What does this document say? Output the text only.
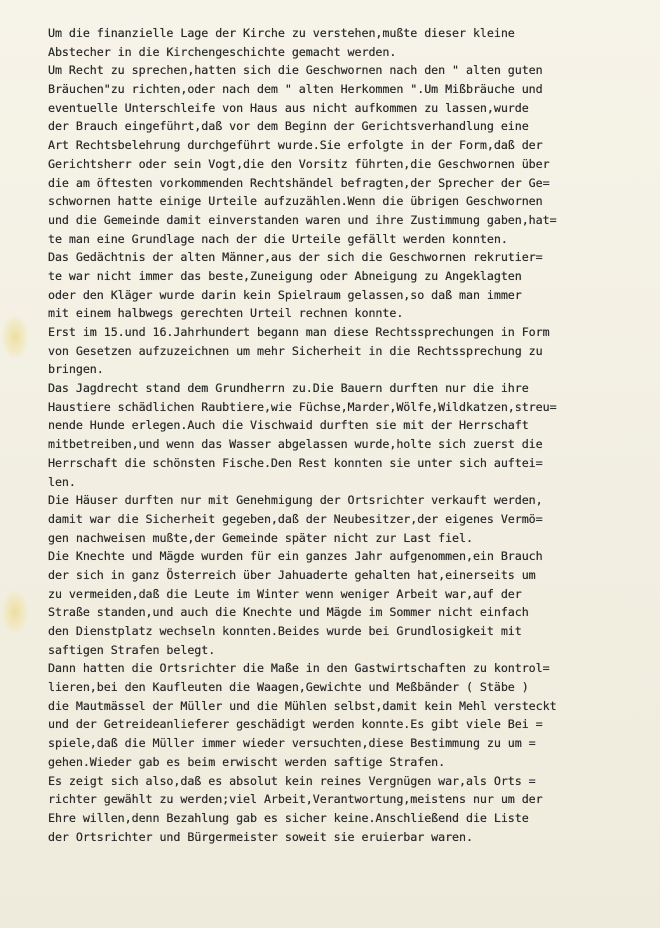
Um die finanzielle Lage der Kirche zu verstehen,mußte dieser kleine
Abstecher in die Kirchengeschichte gemacht werden.
Um Recht zu sprechen,hatten sich die Geschwornen nach den " alten guten
Bräuchen"zu richten,oder nach dem " alten Herkommen ".Um Mißbräuche und
eventuelle Unterschleife von Haus aus nicht aufkommen zu lassen,wurde
der Brauch eingeführt,daß vor dem Beginn der Gerichtsverhandlung eine
Art Rechtsbelehrung durchgeführt wurde.Sie erfolgte in der Form,daß der
Gerichtsherr oder sein Vogt,die den Vorsitz führten,die Geschwornen über
die am öftesten vorkommenden Rechtshändel befragten,der Sprecher der Ge=
schwornen hatte einige Urteile aufzuzählen.Wenn die übrigen Geschwornen
und die Gemeinde damit einverstanden waren und ihre Zustimmung gaben,hat=
te man eine Grundlage nach der die Urteile gefällt werden konnten.
Das Gedächtnis der alten Männer,aus der sich die Geschwornen rekrutier=
te war nicht immer das beste,Zuneigung oder Abneigung zu Angeklagten
oder den Kläger wurde darin kein Spielraum gelassen,so daß man immer
mit einem halbwegs gerechten Urteil rechnen konnte.
Erst im 15.und 16.Jahrhundert begann man diese Rechtssprechungen in Form
von Gesetzen aufzuzeichnen um mehr Sicherheit in die Rechtssprechung zu
bringen.
Das Jagdrecht stand dem Grundherrn zu.Die Bauern durften nur die ihre
Haustiere schädlichen Raubtiere,wie Füchse,Marder,Wölfe,Wildkatzen,streu=
nende Hunde erlegen.Auch die Vischwaid durften sie mit der Herrschaft
mitbetreiben,und wenn das Wasser abgelassen wurde,holte sich zuerst die
Herrschaft die schönsten Fische.Den Rest konnten sie unter sich auftei=
len.
Die Häuser durften nur mit Genehmigung der Ortsrichter verkauft werden,
damit war die Sicherheit gegeben,daß der Neubesitzer,der eigenes Vermö=
gen nachweisen mußte,der Gemeinde später nicht zur Last fiel.
Die Knechte und Mägde wurden für ein ganzes Jahr aufgenommen,ein Brauch
der sich in ganz Österreich über Jahuaderte gehalten hat,einerseits um
zu vermeiden,daß die Leute im Winter wenn weniger Arbeit war,auf der
Straße standen,und auch die Knechte und Mägde im Sommer nicht einfach
den Dienstplatz wechseln konnten.Beides wurde bei Grundlosigkeit mit
saftigen Strafen belegt.
Dann hatten die Ortsrichter die Maße in den Gastwirtschaften zu kontrol=
lieren,bei den Kaufleuten die Waagen,Gewichte und Meßbänder ( Stäbe )
die Mautmässel der Müller und die Mühlen selbst,damit kein Mehl versteckt
und der Getreideanlieferer geschädigt werden konnte.Es gibt viele Bei =
spiele,daß die Müller immer wieder versuchten,diese Bestimmung zu um =
gehen.Wieder gab es beim erwischt werden saftige Strafen.
Es zeigt sich also,daß es absolut kein reines Vergnügen war,als Orts =
richter gewählt zu werden;viel Arbeit,Verantwortung,meistens nur um der
Ehre willen,denn Bezahlung gab es sicher keine.Anschließend die Liste
der Ortsrichter und Bürgermeister soweit sie eruierbar waren.
